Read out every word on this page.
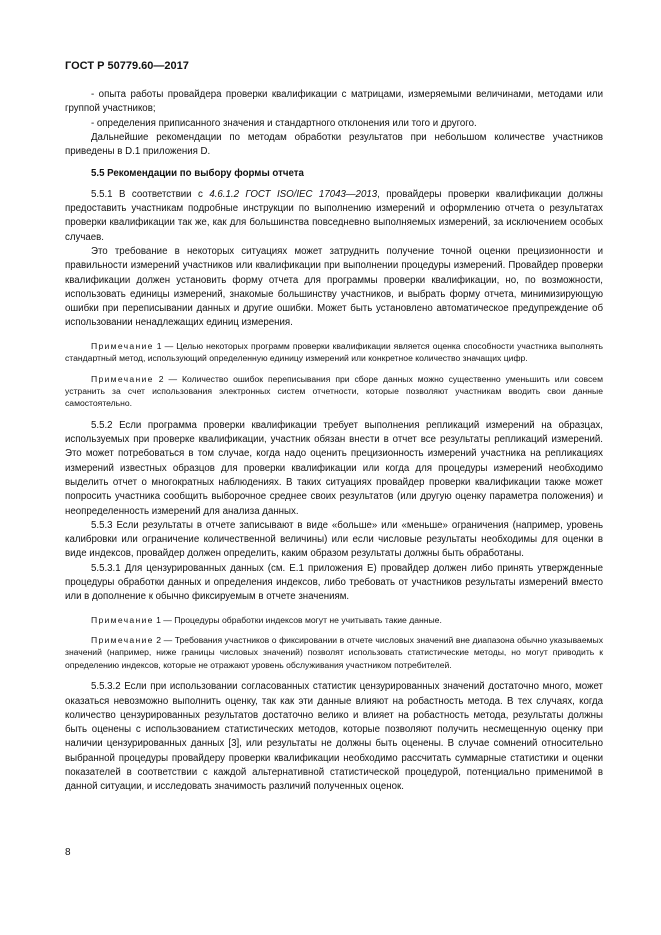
ГОСТ Р 50779.60—2017

- опыта работы провайдера проверки квалификации с матрицами, измеряемыми величинами, методами или группой участников;

- определения приписанного значения и стандартного отклонения или того и другого.

Дальнейшие рекомендации по методам обработки результатов при небольшом количестве участников приведены в D.1 приложения D.

5.5 Рекомендации по выбору формы отчета

5.5.1 В соответствии с 4.6.1.2 ГОСТ ISO/IEC 17043—2013, провайдеры проверки квалификации должны предоставить участникам подробные инструкции по выполнению измерений и оформлению отчета о результатах проверки квалификации так же, как для большинства повседневно выполняемых измерений, за исключением особых случаев.

Это требование в некоторых ситуациях может затруднить получение точной оценки прецизионности и правильности измерений участников или квалификации при выполнении процедуры измерений. Провайдер проверки квалификации должен установить форму отчета для программы проверки квалификации, но, по возможности, использовать единицы измерений, знакомые большинству участников, и выбрать форму отчета, минимизирующую ошибки при переписывании данных и другие ошибки. Может быть установлено автоматическое предупреждение об использовании ненадлежащих единиц измерения.

Примечание 1 — Целью некоторых программ проверки квалификации является оценка способности участника выполнять стандартный метод, использующий определенную единицу измерений или конкретное количество значащих цифр.

Примечание 2 — Количество ошибок переписывания при сборе данных можно существенно уменьшить или совсем устранить за счет использования электронных систем отчетности, которые позволяют участникам вводить свои данные самостоятельно.

5.5.2 Если программа проверки квалификации требует выполнения репликаций измерений на образцах, используемых при проверке квалификации, участник обязан внести в отчет все результаты репликаций измерений. Это может потребоваться в том случае, когда надо оценить прецизионность измерений участника на репликациях измерений известных образцов для проверки квалификации или когда для процедуры измерений необходимо выделить отчет о многократных наблюдениях. В таких ситуациях провайдер проверки квалификации также может попросить участника сообщить выборочное среднее своих результатов (или другую оценку параметра положения) и неопределенность измерений для анализа данных.

5.5.3 Если результаты в отчете записывают в виде «больше» или «меньше» ограничения (например, уровень калибровки или ограничение количественной величины) или если числовые результаты необходимы для оценки в виде индексов, провайдер должен определить, каким образом результаты должны быть обработаны.

5.5.3.1 Для цензурированных данных (см. Е.1 приложения Е) провайдер должен либо принять утвержденные процедуры обработки данных и определения индексов, либо требовать от участников результаты измерений вместо или в дополнение к обычно фиксируемым в отчете значениям.

Примечание 1 — Процедуры обработки индексов могут не учитывать такие данные.

Примечание 2 — Требования участников о фиксировании в отчете числовых значений вне диапазона обычно указываемых значений (например, ниже границы числовых значений) позволят использовать статистические методы, но могут приводить к определению индексов, которые не отражают уровень обслуживания участником потребителей.

5.5.3.2 Если при использовании согласованных статистик цензурированных значений достаточно много, может оказаться невозможно выполнить оценку, так как эти данные влияют на робастность метода. В тех случаях, когда количество цензурированных результатов достаточно велико и влияет на робастность метода, результаты должны быть оценены с использованием статистических методов, которые позволяют получить несмещенную оценку при наличии цензурированных данных [3], или результаты не должны быть оценены. В случае сомнений относительно выбранной процедуры провайдеру проверки квалификации необходимо рассчитать суммарные статистики и оценки показателей в соответствии с каждой альтернативной статистической процедурой, потенциально применимой в данной ситуации, и исследовать значимость различий полученных оценок.

8
